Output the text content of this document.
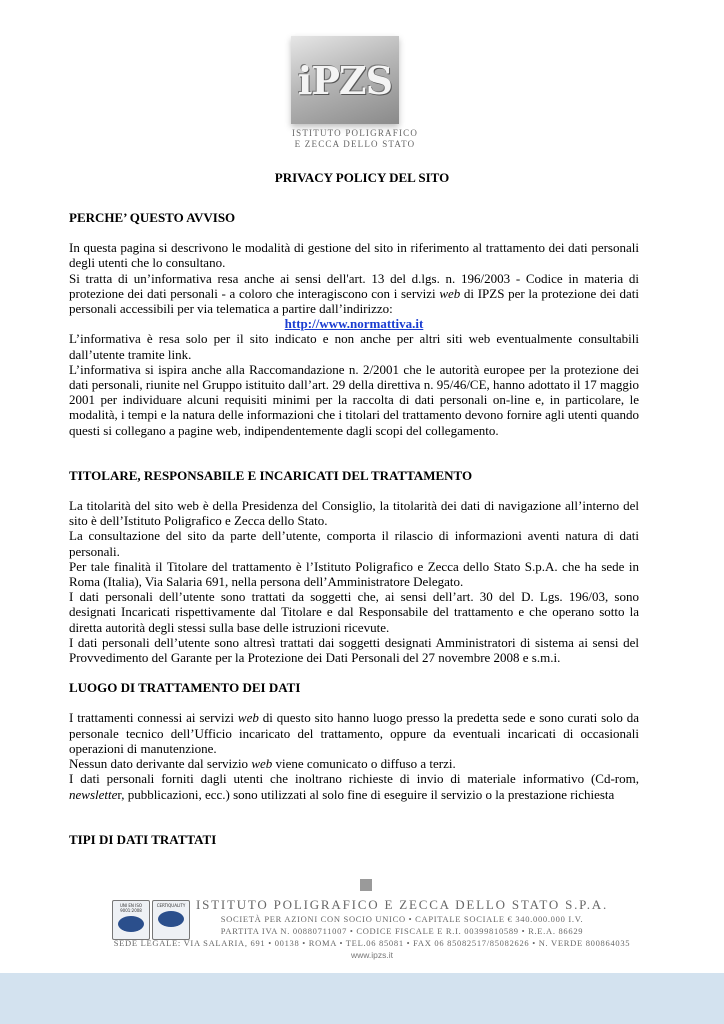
iPZS
ISTITUTO POLIGRAFICO
E ZECCA DELLO STATO
PRIVACY POLICY DEL SITO
PERCHE’ QUESTO AVVISO

In questa pagina si descrivono le modalità di gestione del sito in riferimento al trattamento dei dati personali degli utenti che lo consultano.

Si tratta di un’informativa resa anche ai sensi dell'art. 13 del d.lgs. n. 196/2003 - Codice in materia di protezione dei dati personali - a coloro che interagiscono con i servizi web di IPZS per la protezione dei dati personali accessibili per via telematica a partire dall’indirizzo:

http://www.normattiva.it

L’informativa è resa solo per il sito indicato e non anche per altri siti web eventualmente consultabili dall’utente tramite link.

L’informativa si ispira anche alla Raccomandazione n. 2/2001 che le autorità europee per la protezione dei dati personali, riunite nel Gruppo istituito dall’art. 29 della direttiva n. 95/46/CE, hanno adottato il 17 maggio 2001 per individuare alcuni requisiti minimi per la raccolta di dati personali on-line e, in particolare, le modalità, i tempi e la natura delle informazioni che i titolari del trattamento devono fornire agli utenti quando questi si collegano a pagine web, indipendentemente dagli scopi del collegamento.

TITOLARE, RESPONSABILE E INCARICATI DEL TRATTAMENTO

La titolarità del sito web è della Presidenza del Consiglio, la titolarità dei dati di navigazione all’interno del sito è dell’Istituto Poligrafico e Zecca dello Stato.

La consultazione del sito da parte dell’utente, comporta il rilascio di informazioni aventi natura di dati personali.

Per tale finalità il Titolare del trattamento è l’Istituto Poligrafico e Zecca dello Stato S.p.A. che ha sede in Roma (Italia), Via Salaria 691, nella persona dell’Amministratore Delegato.

I dati personali dell’utente sono trattati da soggetti che, ai sensi dell’art. 30 del D. Lgs. 196/03, sono designati Incaricati rispettivamente dal Titolare e dal Responsabile del trattamento e che operano sotto la diretta autorità degli stessi sulla base delle istruzioni ricevute.

I dati personali dell’utente sono altresì trattati dai soggetti designati Amministratori di sistema ai sensi del Provvedimento del Garante per la Protezione dei Dati Personali del 27 novembre 2008 e s.m.i.

LUOGO DI TRATTAMENTO DEI DATI

I trattamenti connessi ai servizi web di questo sito hanno luogo presso la predetta sede e sono curati solo da personale tecnico dell’Ufficio incaricato del trattamento, oppure da eventuali incaricati di occasionali operazioni di manutenzione.

Nessun dato derivante dal servizio web viene comunicato o diffuso a terzi.

I dati personali forniti dagli utenti che inoltrano richieste di invio di materiale informativo (Cd-rom, newsletter, pubblicazioni, ecc.) sono utilizzati al solo fine di eseguire il servizio o la prestazione richiesta

TIPI DI DATI TRATTATI
UNI EN ISO 9001:2008
CERTIQUALITY ISTITUTO POLIGRAFICO E ZECCA DELLO STATO S.P.A.
SOCIETÀ PER AZIONI CON SOCIO UNICO • CAPITALE SOCIALE € 340.000.000 I.V.
PARTITA IVA N. 00880711007 • CODICE FISCALE E R.I. 00399810589 • R.E.A. 86629
SEDE LEGALE: VIA SALARIA, 691 • 00138 • ROMA • TEL.06 85081 • FAX 06 85082517/85082626 • N. VERDE 800864035
www.ipzs.it
